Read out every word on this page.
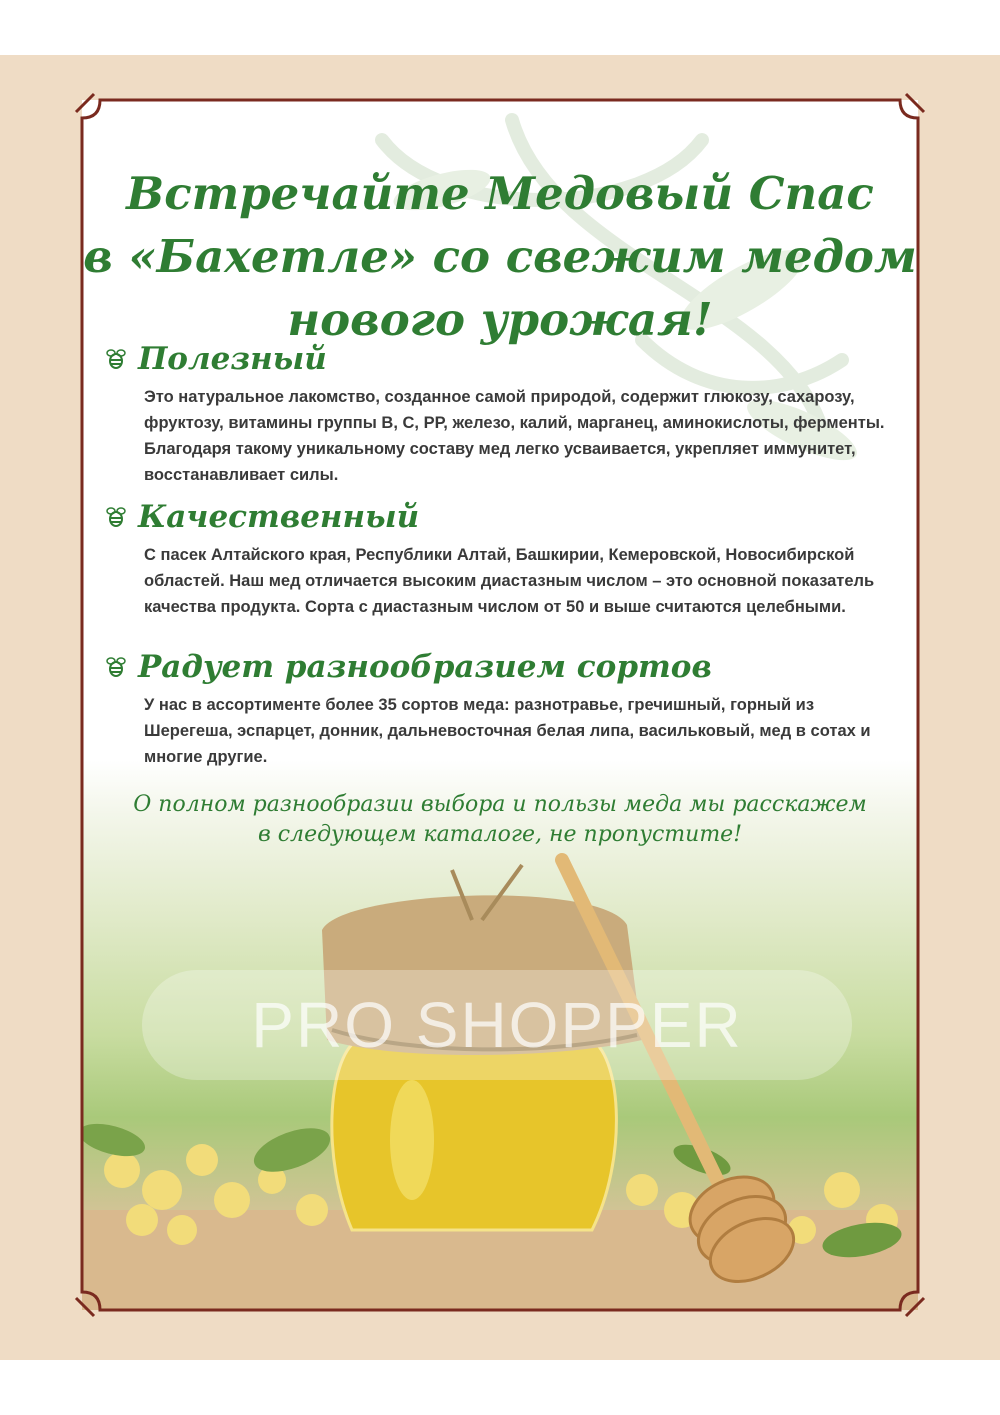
Встречайте Медовый Спас
в «Бахетле» со свежим медом
нового урожая!
Полезный

Это натуральное лакомство, созданное самой природой, содержит глюкозу, сахарозу, фруктозу, витамины группы В, С, РР, железо, калий, марганец, аминокислоты, ферменты. Благодаря такому уникальному составу мед легко усваивается, укрепляет иммунитет, восстанавливает силы.

Качественный

С пасек Алтайского края, Республики Алтай, Башкирии, Кемеровской, Новосибирской областей. Наш мед отличается высоким диастазным числом – это основной показатель качества продукта. Сорта с диастазным числом от 50 и выше считаются целебными.

Радует разнообразием сортов

У нас в ассортименте более 35 сортов меда: разнотравье, гречишный, горный из Шерегеша, эспарцет, донник, дальневосточная белая липа, васильковый, мед в сотах и многие другие.

О полном разнообразии выбора и пользы меда мы расскажем
в следующем каталоге, не пропустите!

PRO SHOPPER
